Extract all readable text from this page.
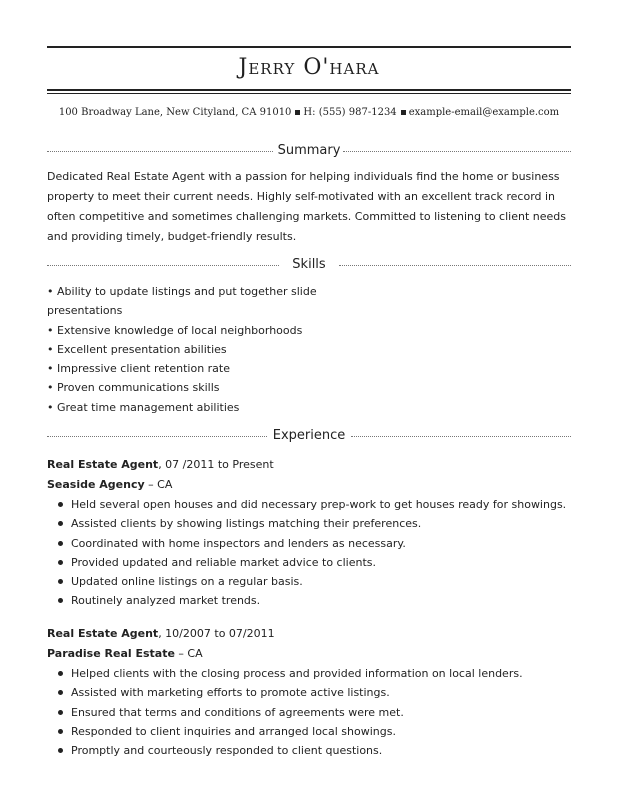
Jerry O'hara
100 Broadway Lane, New Cityland, CA 91010 H: (555) 987-1234 example-email@example.com
Summary
Dedicated Real Estate Agent with a passion for helping individuals find the home or business property to meet their current needs. Highly self-motivated with an excellent track record in often competitive and sometimes challenging markets. Committed to listening to client needs and providing timely, budget-friendly results.
Skills
• Ability to update listings and put together slide presentations
• Extensive knowledge of local neighborhoods
• Excellent presentation abilities
• Impressive client retention rate
• Proven communications skills
• Great time management abilities
Experience
Real Estate Agent, 07 /2011 to Present
Seaside Agency – CA
Held several open houses and did necessary prep-work to get houses ready for showings.
Assisted clients by showing listings matching their preferences.
Coordinated with home inspectors and lenders as necessary.
Provided updated and reliable market advice to clients.
Updated online listings on a regular basis.
Routinely analyzed market trends.
Real Estate Agent, 10/2007 to 07/2011
Paradise Real Estate – CA
Helped clients with the closing process and provided information on local lenders.
Assisted with marketing efforts to promote active listings.
Ensured that terms and conditions of agreements were met.
Responded to client inquiries and arranged local showings.
Promptly and courteously responded to client questions.
